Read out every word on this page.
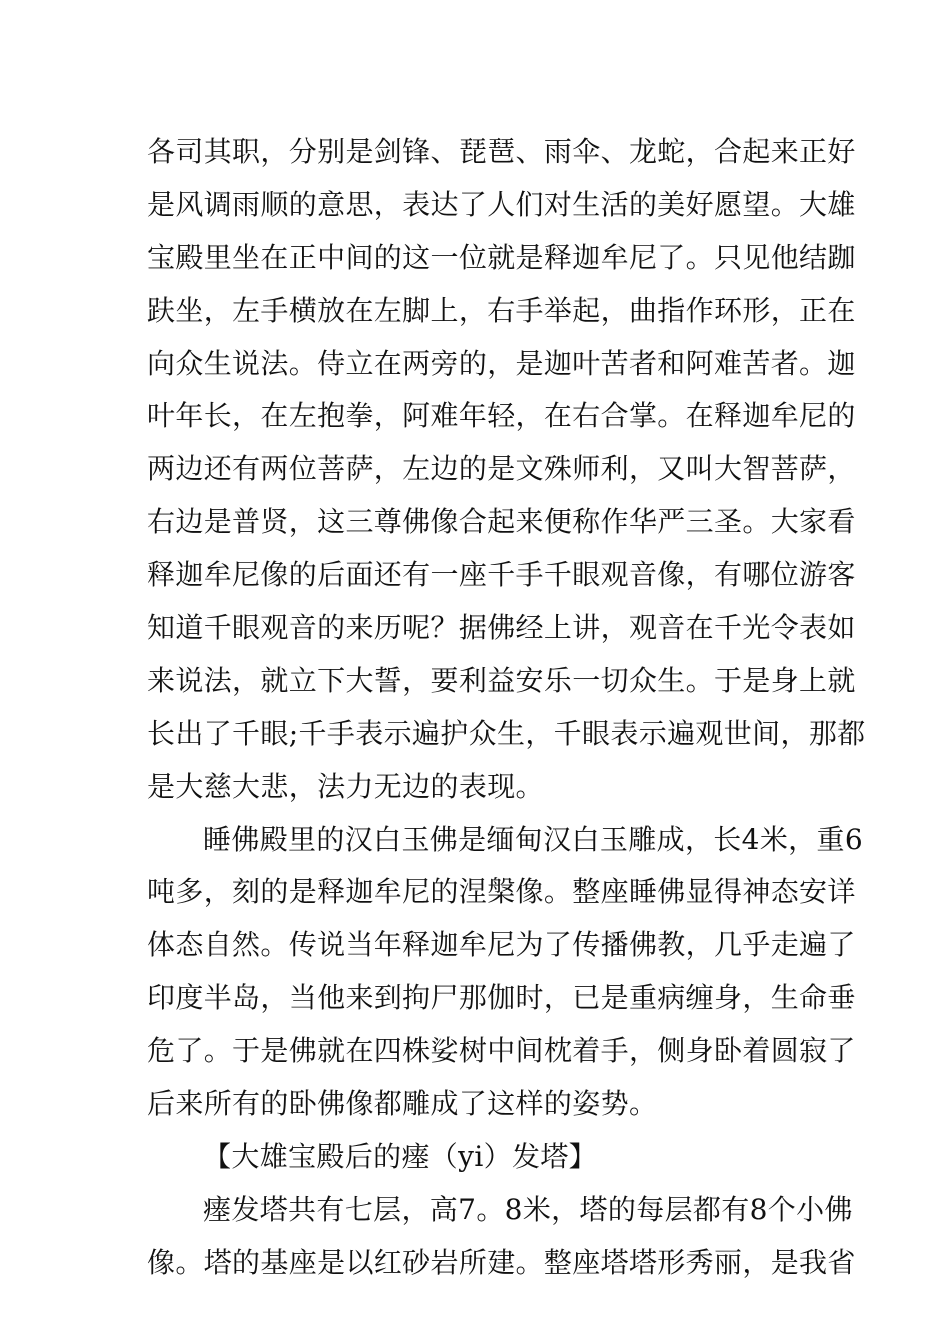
各司其职，分别是剑锋、琵琶、雨伞、龙蛇，合起来正好
是风调雨顺的意思，表达了人们对生活的美好愿望。大雄
宝殿里坐在正中间的这一位就是释迦牟尼了。只见他结跏
趺坐，左手横放在左脚上，右手举起，曲指作环形，正在
向众生说法。侍立在两旁的，是迦叶苦者和阿难苦者。迦
叶年长，在左抱拳，阿难年轻，在右合掌。在释迦牟尼的
两边还有两位菩萨，左边的是文殊师利，又叫大智菩萨，
右边是普贤，这三尊佛像合起来便称作华严三圣。大家看
释迦牟尼像的后面还有一座千手千眼观音像，有哪位游客
知道千眼观音的来历呢？据佛经上讲，观音在千光令表如
来说法，就立下大誓，要利益安乐一切众生。于是身上就
长出了千眼;千手表示遍护众生，千眼表示遍观世间，那都
是大慈大悲，法力无边的表现。
睡佛殿里的汉白玉佛是缅甸汉白玉雕成，长4米，重6
吨多，刻的是释迦牟尼的涅槃像。整座睡佛显得神态安详
体态自然。传说当年释迦牟尼为了传播佛教，几乎走遍了
印度半岛，当他来到拘尸那伽时，已是重病缠身，生命垂
危了。于是佛就在四株娑树中间枕着手，侧身卧着圆寂了
后来所有的卧佛像都雕成了这样的姿势。
【大雄宝殿后的瘗（yi）发塔】
瘗发塔共有七层，高7。8米，塔的每层都有8个小佛
像。塔的基座是以红砂岩所建。整座塔塔形秀丽，是我省
